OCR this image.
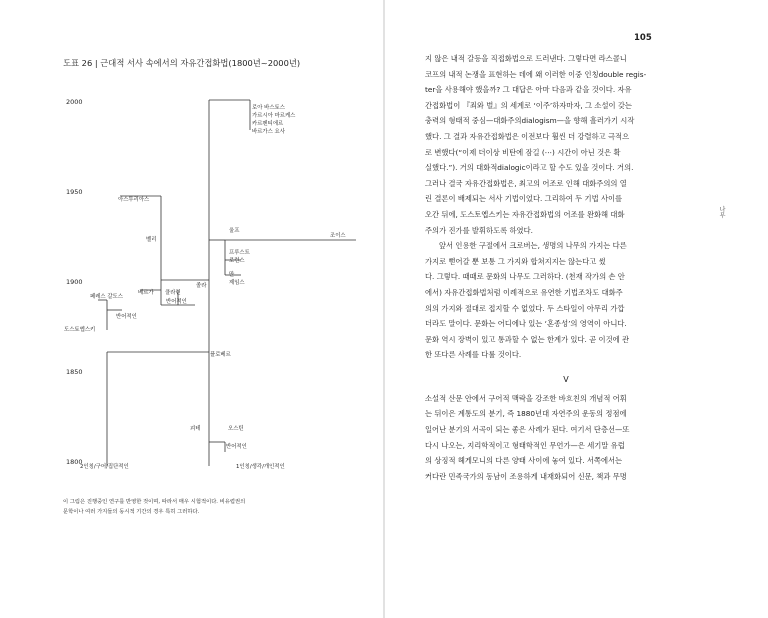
도표 26 | 근대적 서사 속에서의 자유간접화법(1800년~2000년)
2000
1950
1900
1850
1800
로아 바스토스 가르시아 마르케스 카르펜티에르 바르가스 요사
조이스
울프
프루스트 로런스
만 제임스
졸라
플로베르
괴테	오스틴
반어적인
1인칭/생각/개인적인
2인칭/구어/집단적인
아스투리아스
벨리
베르가 클라린
반어적인
페레스 갈도스
반어적인
도스토옙스키
이 그림은 진행중인 연구를 반영한 것이며, 따라서 매우 시험적이다. 비유럽권의
문학이나 여러 가지들의 동시적 기간의 경우 특히 그러하다.
105
나무
지 않은 내적 갈등을 직접화법으로 드러낸다. 그렇다면 라스콜니
코프의 내적 논쟁을 표현하는 데에 왜 이러한 이중 인칭double regis-
ter을 사용해야 했을까? 그 대답은 아마 다음과 같을 것이다. 자유
간접화법이 『죄와 벌』의 세계로 ‘이주’하자마자, 그 소설이 갖는
충력의 형태적 중심—대화주의dialogism—을 향해 흘러가기 시작
했다. 그 결과 자유간접화법은 이전보다 훨씬 더 강렬하고 극적으
로 변했다(“이제 더이상 비탄에 잠길 (⋯) 시간이 아닌 것은 확
실했다.”). 거의 대화적dialogic이라고 할 수도 있을 것이다. 거의.
그러나 결국 자유간접화법은, 최고의 어조로 인해 대화주의의 열
린 결론이 배제되는 서사 기법이었다. 그리하여 두 기법 사이를
오간 뒤에, 도스토옙스키는 자유간접화법의 어조를 완화해 대화
주의가 진가를 발휘하도록 하였다.
앞서 인용한 구절에서 크로버는, 생명의 나무의 가지는 다른
가지로 뻗어갈 뿐 보통 그 가지와 합쳐지지는 않는다고 썼
다. 그렇다. 때때로 문화의 나무도 그러하다. (천재 작가의 손 안
에서) 자유간접화법처럼 이례적으로 유연한 기법조차도 대화주
의의 가지와 절대로 접지할 수 없었다. 두 스타일이 아무리 가깝
더라도 말이다. 문화는 어디에나 있는 ‘혼종성’의 영역이 아니다.
문화 역시 장벽이 있고 통과할 수 없는 한계가 있다. 곧 이것에 관
한 또다른 사례를 다룰 것이다.
V
소설적 산문 안에서 구어적 맥락을 강조한 바흐친의 개념적 어휘
는 뒤이은 계통도의 분기, 즉 1880년대 자연주의 운동의 정점에
일어난 분기의 서곡이 되는 좋은 사례가 된다. 여기서 단층선—또
다시 나오는, 지리학적이고 형태학적인 무언가—은 세기말 유럽
의 상징적 헤게모니의 다른 양태 사이에 놓여 있다. 서쪽에서는
커다란 민족국가의 동남이 조용하게 내재화되어 신문, 책과 무명
